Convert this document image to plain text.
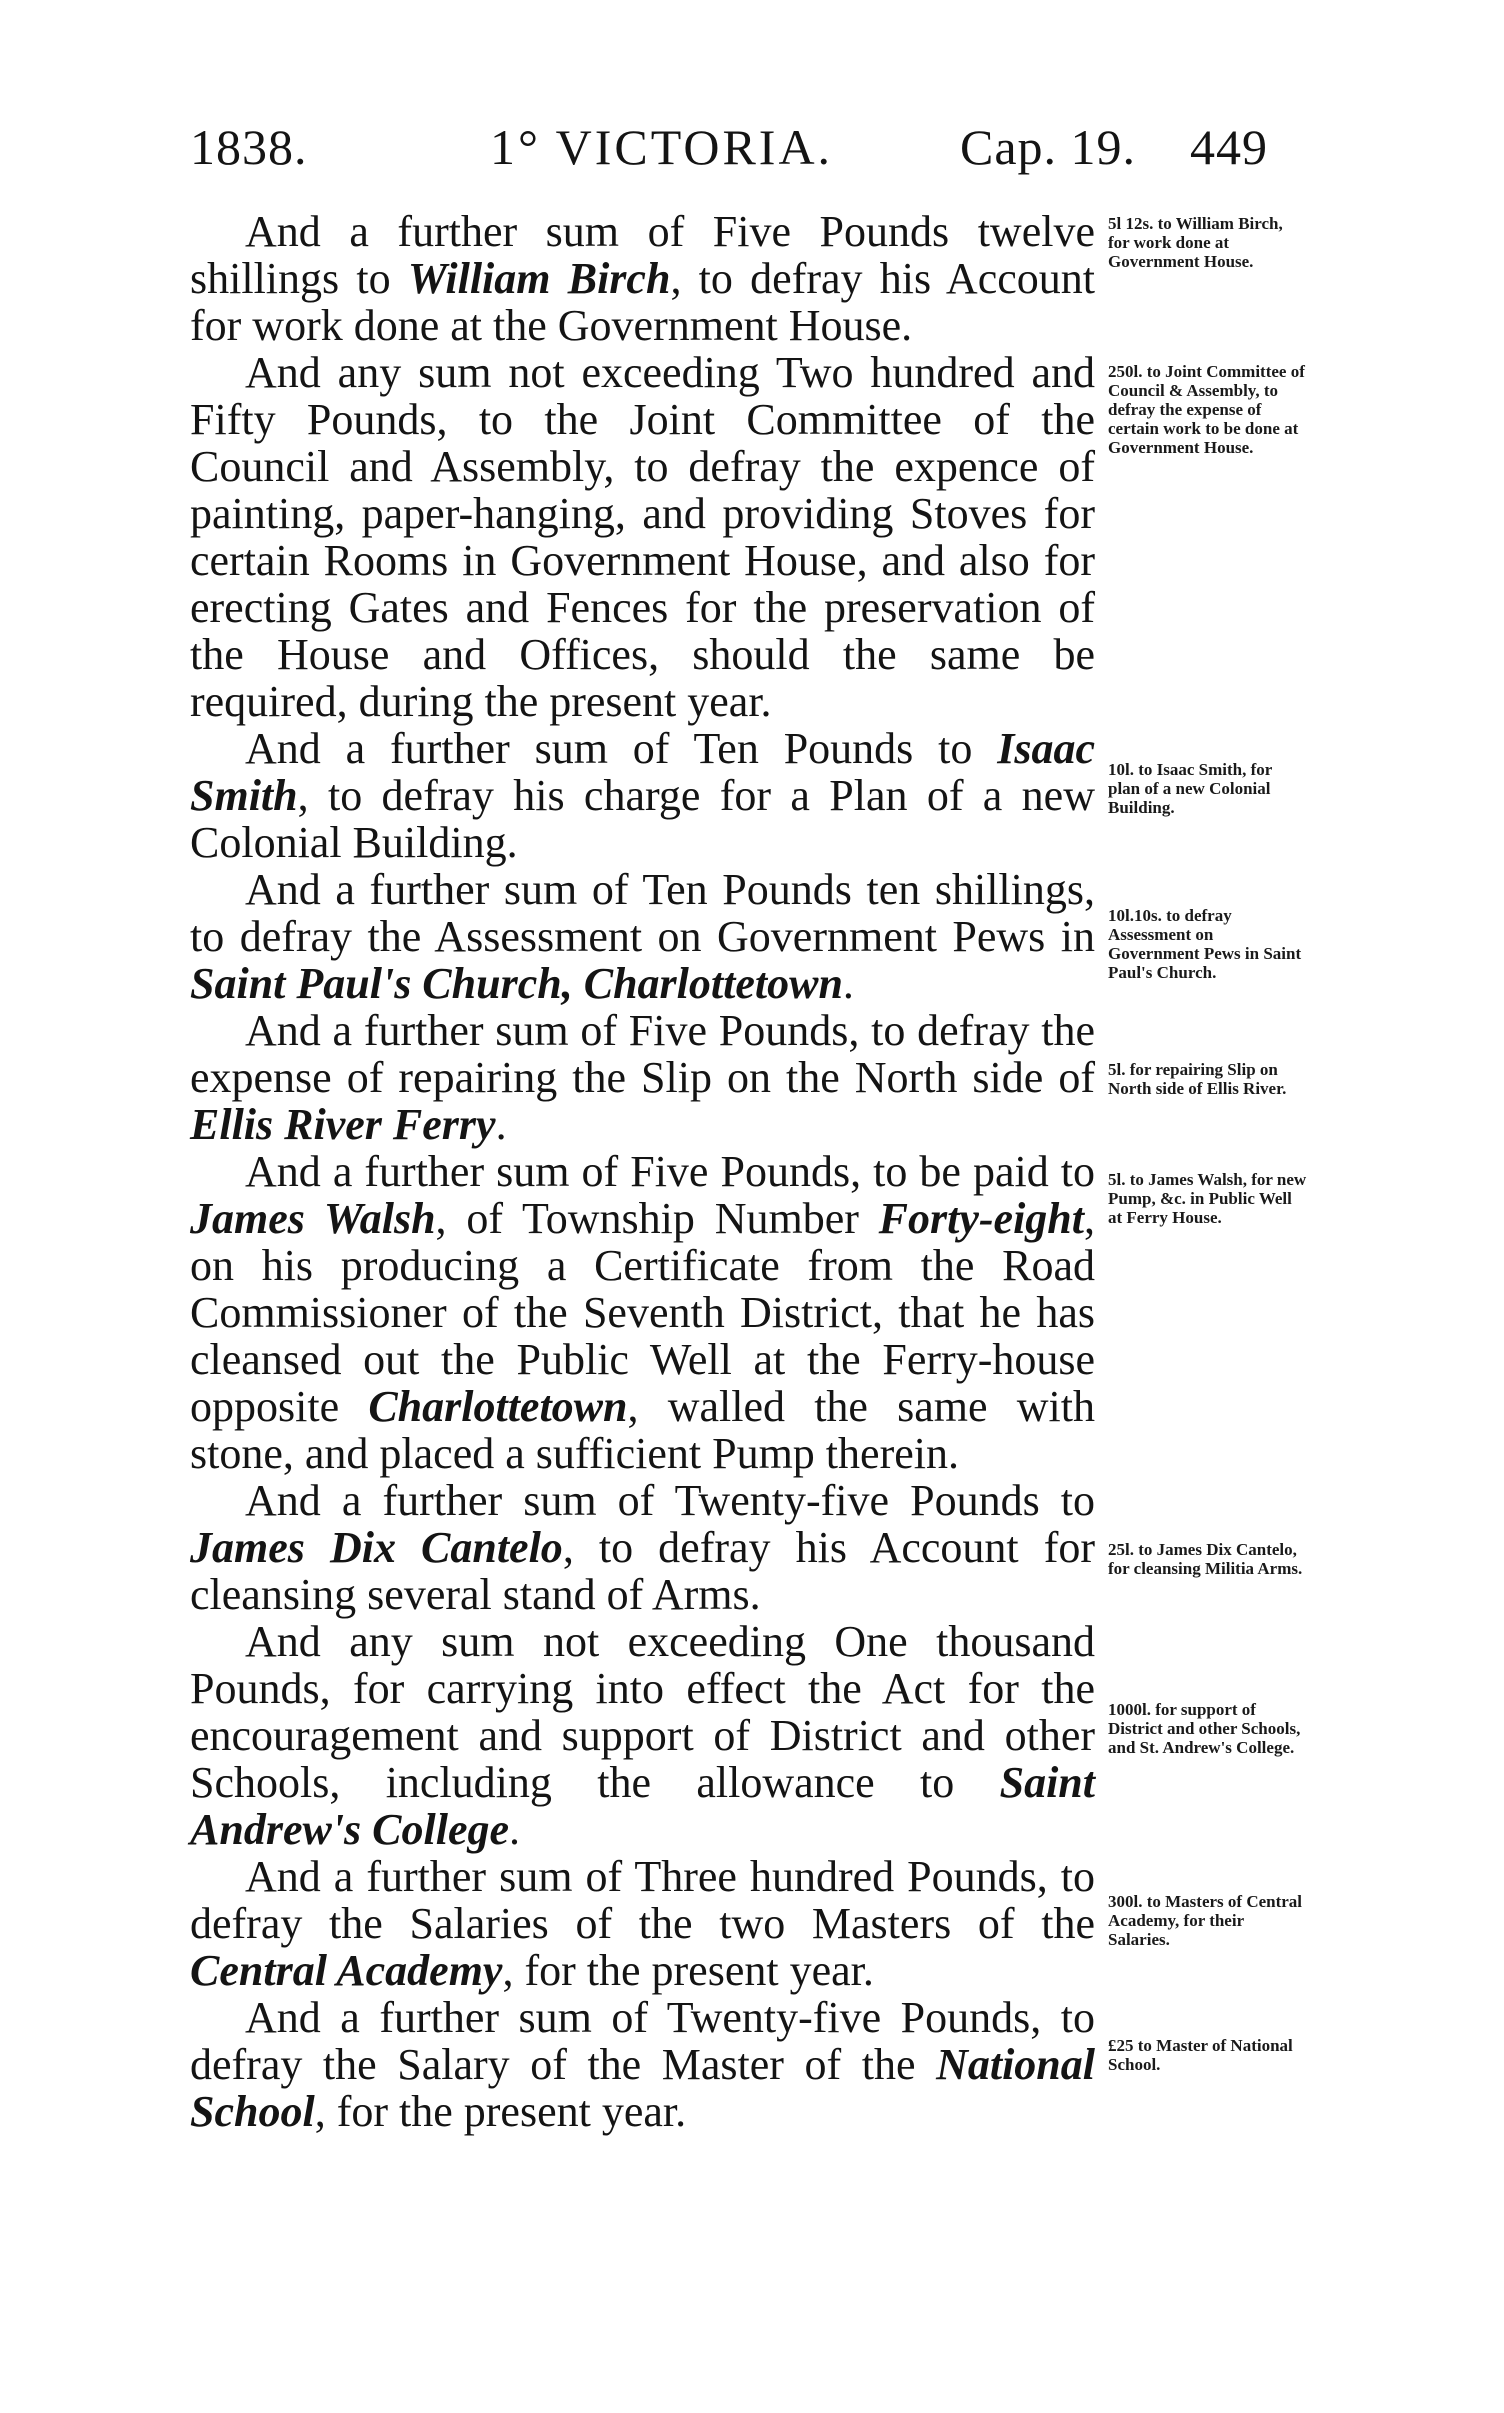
1838.	1° VICTORIA.	Cap. 19. 449

And a further sum of Five Pounds twelve shillings to William Birch, to defray his Account for work done at the Government House.

And any sum not exceeding Two hundred and Fifty Pounds, to the Joint Committee of the Council and Assembly, to defray the expence of painting, paper-hanging, and providing Stoves for certain Rooms in Government House, and also for erecting Gates and Fences for the preservation of the House and Offices, should the same be required, during the present year.

And a further sum of Ten Pounds to Isaac Smith, to defray his charge for a Plan of a new Colonial Building.

And a further sum of Ten Pounds ten shillings, to defray the Assessment on Government Pews in Saint Paul's Church, Charlottetown.

And a further sum of Five Pounds, to defray the expense of repairing the Slip on the North side of Ellis River Ferry.

And a further sum of Five Pounds, to be paid to James Walsh, of Township Number Forty-eight, on his producing a Certificate from the Road Commissioner of the Seventh District, that he has cleansed out the Public Well at the Ferry-house opposite Charlottetown, walled the same with stone, and placed a sufficient Pump therein.

And a further sum of Twenty-five Pounds to James Dix Cantelo, to defray his Account for cleansing several stand of Arms.

And any sum not exceeding One thousand Pounds, for carrying into effect the Act for the encouragement and support of District and other Schools, including the allowance to Saint Andrew's College.

And a further sum of Three hundred Pounds, to defray the Salaries of the two Masters of the Central Academy, for the present year.

And a further sum of Twenty-five Pounds, to defray the Salary of the Master of the National School, for the present year.

5l 12s. to William Birch, for work done at Government House.
250l. to Joint Committee of Council & Assembly, to defray the expense of certain work to be done at Government House.
10l. to Isaac Smith, for plan of a new Colonial Building.
10l.10s. to defray Assessment on Government Pews in Saint Paul's Church.
5l. for repairing Slip on North side of Ellis River.
5l. to James Walsh, for new Pump, &c. in Public Well at Ferry House.
25l. to James Dix Cantelo, for cleansing Militia Arms.
1000l. for support of District and other Schools, and St. Andrew's College.
300l. to Masters of Central Academy, for their Salaries.
£25 to Master of National School.
